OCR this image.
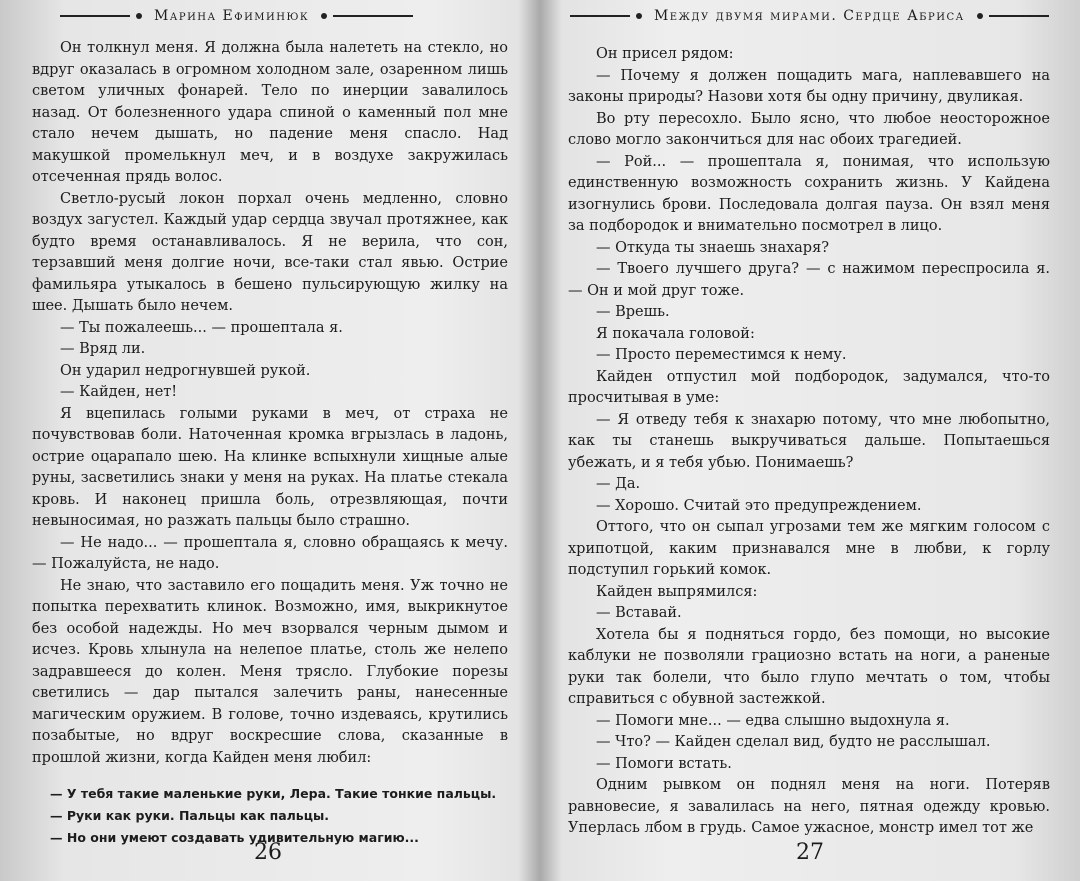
Марина Ефиминюк

Он толкнул меня. Я должна была налететь на стекло, но вдруг оказалась в огромном холодном зале, озаренном лишь светом уличных фонарей. Тело по инерции завалилось назад. От болезненного удара спиной о каменный пол мне стало нечем дышать, но падение меня спасло. Над макушкой промелькнул меч, и в воздухе закружилась отсеченная прядь волос.

Светло-русый локон порхал очень медленно, словно воздух загустел. Каждый удар сердца звучал протяжнее, как будто время останавливалось. Я не верила, что сон, терзавший меня долгие ночи, все-таки стал явью. Острие фамильяра утыкалось в бешено пульсирующую жилку на шее. Дышать было нечем.

— Ты пожалеешь... — прошептала я.

— Вряд ли.

Он ударил недрогнувшей рукой.

— Кайден, нет!

Я вцепилась голыми руками в меч, от страха не почувствовав боли. Наточенная кромка вгрызлась в ладонь, острие оцарапало шею. На клинке вспыхнули хищные алые руны, засветились знаки у меня на руках. На платье стекала кровь. И наконец пришла боль, отрезвляющая, почти невыносимая, но разжать пальцы было страшно.

— Не надо... — прошептала я, словно обращаясь к мечу. — Пожалуйста, не надо.

Не знаю, что заставило его пощадить меня. Уж точно не попытка перехватить клинок. Возможно, имя, выкрикнутое без особой надежды. Но меч взорвался черным дымом и исчез. Кровь хлынула на нелепое платье, столь же нелепо задравшееся до колен. Меня трясло. Глубокие порезы светились — дар пытался залечить раны, нанесенные магическим оружием. В голове, точно издеваясь, крутились позабытые, но вдруг воскресшие слова, сказанные в прошлой жизни, когда Кайден меня любил:

— У тебя такие маленькие руки, Лера. Такие тонкие пальцы.

— Руки как руки. Пальцы как пальцы.

— Но они умеют создавать удивительную магию...

26
Между двумя мирами. Сердце Абриса

Он присел рядом:

— Почему я должен пощадить мага, наплевавшего на законы природы? Назови хотя бы одну причину, двуликая.

Во рту пересохло. Было ясно, что любое неосторожное слово могло закончиться для нас обоих трагедией.

— Рой... — прошептала я, понимая, что использую единственную возможность сохранить жизнь. У Кайдена изогнулись брови. Последовала долгая пауза. Он взял меня за подбородок и внимательно посмотрел в лицо.

— Откуда ты знаешь знахаря?

— Твоего лучшего друга? — с нажимом переспросила я. — Он и мой друг тоже.

— Врешь.

Я покачала головой:

— Просто переместимся к нему.

Кайден отпустил мой подбородок, задумался, что-то просчитывая в уме:

— Я отведу тебя к знахарю потому, что мне любопытно, как ты станешь выкручиваться дальше. Попытаешься убежать, и я тебя убью. Понимаешь?

— Да.

— Хорошо. Считай это предупреждением.

Оттого, что он сыпал угрозами тем же мягким голосом с хрипотцой, каким признавался мне в любви, к горлу подступил горький комок.

Кайден выпрямился:

— Вставай.

Хотела бы я подняться гордо, без помощи, но высокие каблуки не позволяли грациозно встать на ноги, а раненые руки так болели, что было глупо мечтать о том, чтобы справиться с обувной застежкой.

— Помоги мне... — едва слышно выдохнула я.

— Что? — Кайден сделал вид, будто не расслышал.

— Помоги встать.

Одним рывком он поднял меня на ноги. Потеряв равновесие, я завалилась на него, пятная одежду кровью. Уперлась лбом в грудь. Самое ужасное, монстр имел тот же

27
